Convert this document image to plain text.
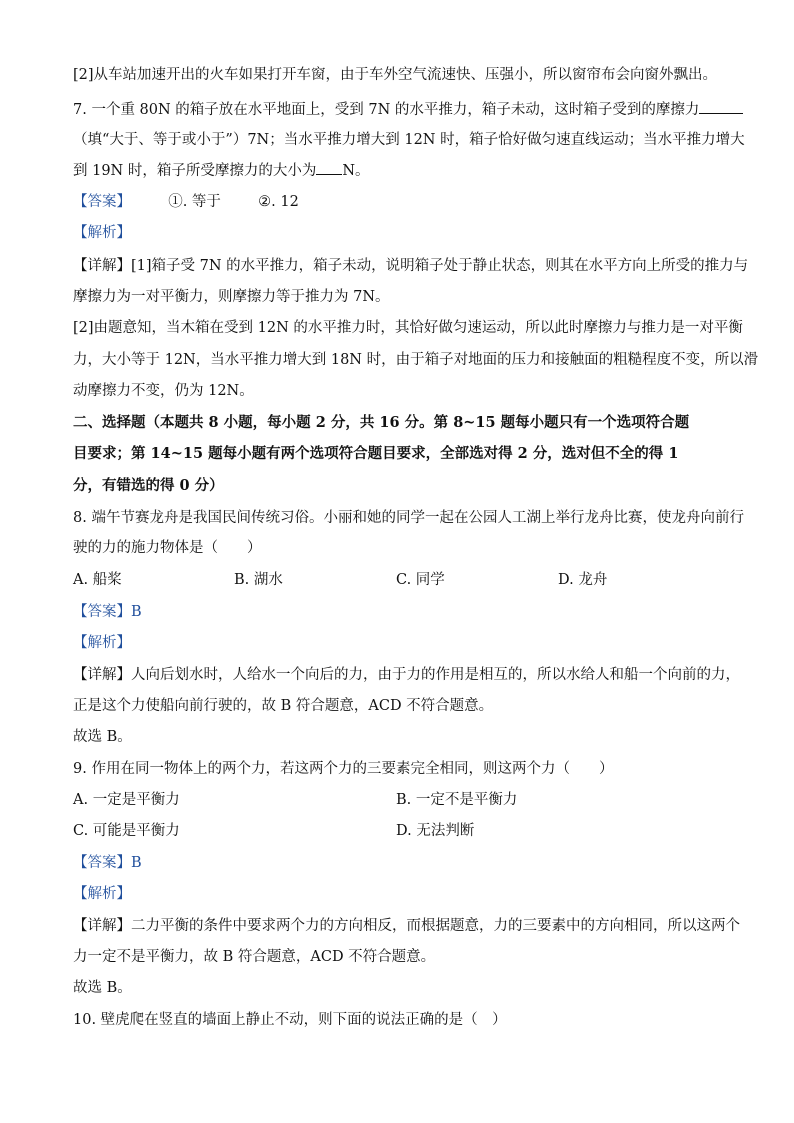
[2]从车站加速开出的火车如果打开车窗，由于车外空气流速快、压强小，所以窗帘布会向窗外飘出。
7. 一个重 80N 的箱子放在水平地面上，受到 7N 的水平推力，箱子未动，这时箱子受到的摩擦力
（填“大于、等于或小于”）7N；当水平推力增大到 12N 时，箱子恰好做匀速直线运动；当水平推力增大
到 19N 时，箱子所受摩擦力的大小为 N。
【答案】	①. 等于	②. 12
【解析】
【详解】[1]箱子受 7N 的水平推力，箱子未动，说明箱子处于静止状态，则其在水平方向上所受的推力与
摩擦力为一对平衡力，则摩擦力等于推力为 7N。
[2]由题意知，当木箱在受到 12N 的水平推力时，其恰好做匀速运动，所以此时摩擦力与推力是一对平衡
力，大小等于 12N，当水平推力增大到 18N 时，由于箱子对地面的压力和接触面的粗糙程度不变，所以滑
动摩擦力不变，仍为 12N。
二、选择题（本题共 8 小题，每小题 2 分，共 16 分。第 8~15 题每小题只有一个选项符合题
目要求；第 14~15 题每小题有两个选项符合题目要求，全部选对得 2 分，选对但不全的得 1
分，有错选的得 0 分）
8. 端午节赛龙舟是我国民间传统习俗。小丽和她的同学一起在公园人工湖上举行龙舟比赛，使龙舟向前行
驶的力的施力物体是（　　）
A. 船桨	B. 湖水	C. 同学	D. 龙舟
【答案】B
【解析】
【详解】人向后划水时，人给水一个向后的力，由于力的作用是相互的，所以水给人和船一个向前的力，
正是这个力使船向前行驶的，故 B 符合题意，ACD 不符合题意。
故选 B。
9. 作用在同一物体上的两个力，若这两个力的三要素完全相同，则这两个力（　　）
A. 一定是平衡力	B. 一定不是平衡力
C. 可能是平衡力	D. 无法判断
【答案】B
【解析】
【详解】二力平衡的条件中要求两个力的方向相反，而根据题意，力的三要素中的方向相同，所以这两个
力一定不是平衡力，故 B 符合题意，ACD 不符合题意。
故选 B。
10. 壁虎爬在竖直的墙面上静止不动，则下面的说法正确的是（　）
